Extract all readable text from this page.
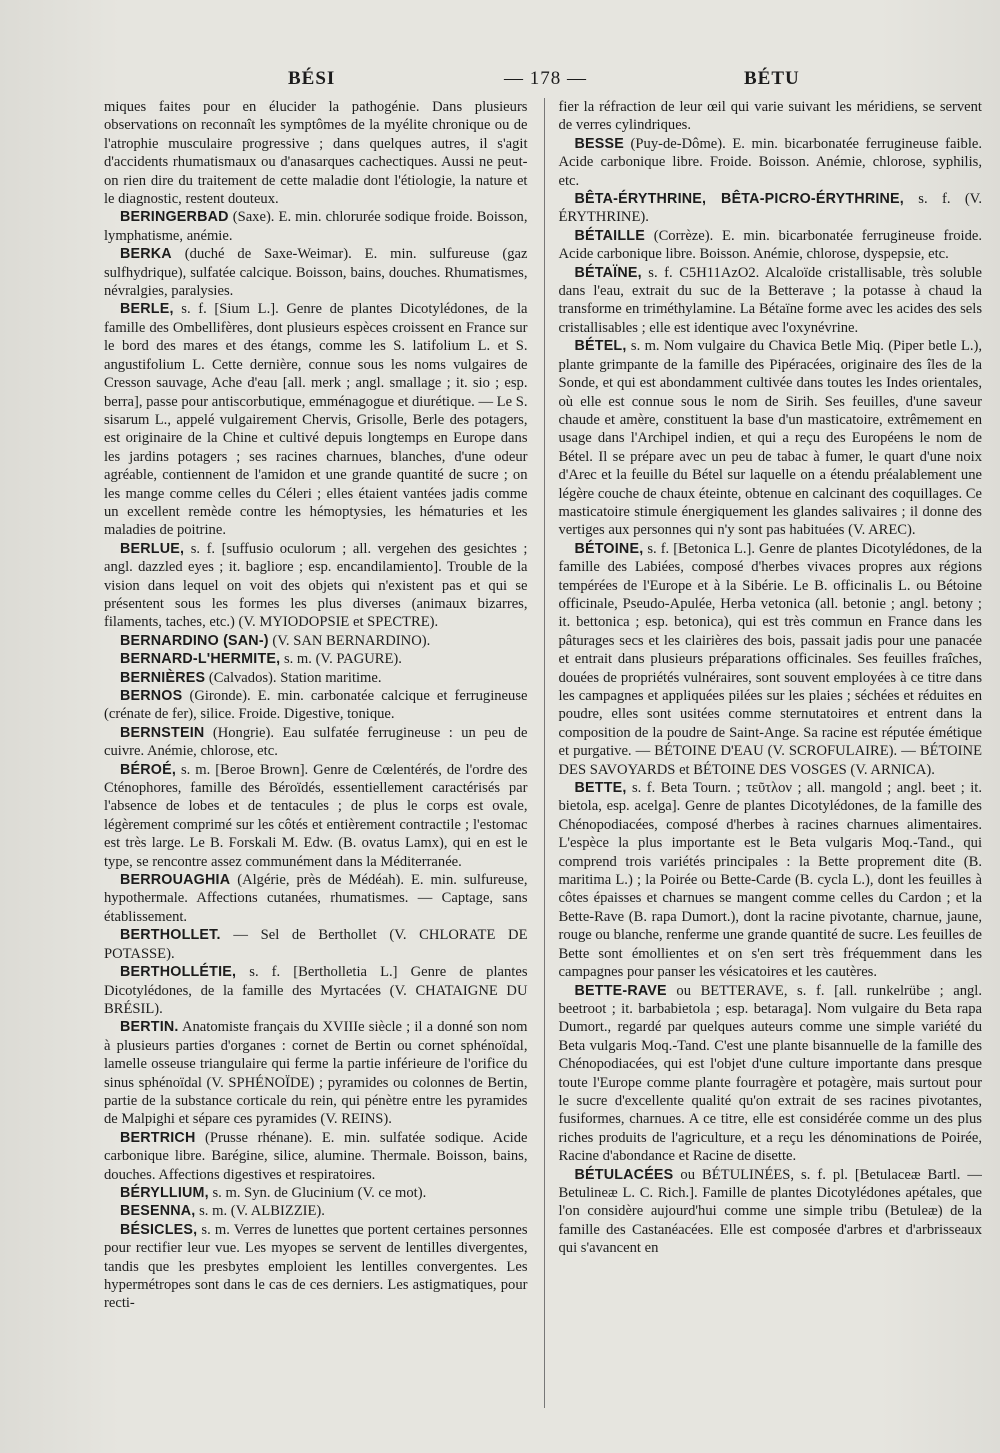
BÉSI	— 178 —	BÉTU

miques faites pour en élucider la pathogénie. Dans plusieurs observations on reconnaît les symptômes de la myélite chronique ou de l'atrophie musculaire progressive ; dans quelques autres, il s'agit d'accidents rhumatismaux ou d'anasarques cachectiques. Aussi ne peut-on rien dire du traitement de cette maladie dont l'étiologie, la nature et le diagnostic, restent douteux.

BERINGERBAD (Saxe). E. min. chlorurée sodique froide. Boisson, lymphatisme, anémie.

BERKA (duché de Saxe-Weimar). E. min. sulfureuse (gaz sulfhydrique), sulfatée calcique. Boisson, bains, douches. Rhumatismes, névralgies, paralysies.

BERLE, s. f. [Sium L.]. Genre de plantes Dicotylédones, de la famille des Ombellifères, dont plusieurs espèces croissent en France sur le bord des mares et des étangs, comme les S. latifolium L. et S. angustifolium L. Cette dernière, connue sous les noms vulgaires de Cresson sauvage, Ache d'eau [all. merk ; angl. smallage ; it. sio ; esp. berra], passe pour antiscorbutique, emménagogue et diurétique. — Le S. sisarum L., appelé vulgairement Chervis, Grisolle, Berle des potagers, est originaire de la Chine et cultivé depuis longtemps en Europe dans les jardins potagers ; ses racines charnues, blanches, d'une odeur agréable, contiennent de l'amidon et une grande quantité de sucre ; on les mange comme celles du Céleri ; elles étaient vantées jadis comme un excellent remède contre les hémoptysies, les hématuries et les maladies de poitrine.

BERLUE, s. f. [suffusio oculorum ; all. vergehen des gesichtes ; angl. dazzled eyes ; it. bagliore ; esp. encandilamiento]. Trouble de la vision dans lequel on voit des objets qui n'existent pas et qui se présentent sous les formes les plus diverses (animaux bizarres, filaments, taches, etc.) (V. MYIODOPSIE et SPECTRE).

BERNARDINO (SAN-) (V. SAN BERNARDINO).

BERNARD-L'HERMITE, s. m. (V. PAGURE).

BERNIÈRES (Calvados). Station maritime.

BERNOS (Gironde). E. min. carbonatée calcique et ferrugineuse (crénate de fer), silice. Froide. Digestive, tonique.

BERNSTEIN (Hongrie). Eau sulfatée ferrugineuse : un peu de cuivre. Anémie, chlorose, etc.

BÉROÉ, s. m. [Beroe Brown]. Genre de Cœlentérés, de l'ordre des Cténophores, famille des Béroïdés, essentiellement caractérisés par l'absence de lobes et de tentacules ; de plus le corps est ovale, légèrement comprimé sur les côtés et entièrement contractile ; l'estomac est très large. Le B. Forskali M. Edw. (B. ovatus Lamx), qui en est le type, se rencontre assez communément dans la Méditerranée.

BERROUAGHIA (Algérie, près de Médéah). E. min. sulfureuse, hypothermale. Affections cutanées, rhumatismes. — Captage, sans établissement.

BERTHOLLET. — Sel de Berthollet (V. CHLORATE DE POTASSE).

BERTHOLLÉTIE, s. f. [Bertholletia L.] Genre de plantes Dicotylédones, de la famille des Myrtacées (V. CHATAIGNE DU BRÉSIL).

BERTIN. Anatomiste français du XVIIIe siècle ; il a donné son nom à plusieurs parties d'organes : cornet de Bertin ou cornet sphénoïdal, lamelle osseuse triangulaire qui ferme la partie inférieure de l'orifice du sinus sphénoïdal (V. SPHÉNOÏDE) ; pyramides ou colonnes de Bertin, partie de la substance corticale du rein, qui pénètre entre les pyramides de Malpighi et sépare ces pyramides (V. REINS).

BERTRICH (Prusse rhénane). E. min. sulfatée sodique. Acide carbonique libre. Barégine, silice, alumine. Thermale. Boisson, bains, douches. Affections digestives et respiratoires.

BÉRYLLIUM, s. m. Syn. de Glucinium (V. ce mot).

BESENNA, s. m. (V. ALBIZZIE).

BÉSICLES, s. m. Verres de lunettes que portent certaines personnes pour rectifier leur vue. Les myopes se servent de lentilles divergentes, tandis que les presbytes emploient les lentilles convergentes. Les hypermétropes sont dans le cas de ces derniers. Les astigmatiques, pour recti-

fier la réfraction de leur œil qui varie suivant les méridiens, se servent de verres cylindriques.

BESSE (Puy-de-Dôme). E. min. bicarbonatée ferrugineuse faible. Acide carbonique libre. Froide. Boisson. Anémie, chlorose, syphilis, etc.

BÊTA-ÉRYTHRINE, BÊTA-PICRO-ÉRYTHRINE, s. f. (V. ÉRYTHRINE).

BÉTAILLE (Corrèze). E. min. bicarbonatée ferrugineuse froide. Acide carbonique libre. Boisson. Anémie, chlorose, dyspepsie, etc.

BÉTAÏNE, s. f. C5H11AzO2. Alcaloïde cristallisable, très soluble dans l'eau, extrait du suc de la Betterave ; la potasse à chaud la transforme en triméthylamine. La Bétaïne forme avec les acides des sels cristallisables ; elle est identique avec l'oxynévrine.

BÉTEL, s. m. Nom vulgaire du Chavica Betle Miq. (Piper betle L.), plante grimpante de la famille des Pipéracées, originaire des îles de la Sonde, et qui est abondamment cultivée dans toutes les Indes orientales, où elle est connue sous le nom de Sirih. Ses feuilles, d'une saveur chaude et amère, constituent la base d'un masticatoire, extrêmement en usage dans l'Archipel indien, et qui a reçu des Européens le nom de Bétel. Il se prépare avec un peu de tabac à fumer, le quart d'une noix d'Arec et la feuille du Bétel sur laquelle on a étendu préalablement une légère couche de chaux éteinte, obtenue en calcinant des coquillages. Ce masticatoire stimule énergiquement les glandes salivaires ; il donne des vertiges aux personnes qui n'y sont pas habituées (V. AREC).

BÉTOINE, s. f. [Betonica L.]. Genre de plantes Dicotylédones, de la famille des Labiées, composé d'herbes vivaces propres aux régions tempérées de l'Europe et à la Sibérie. Le B. officinalis L. ou Bétoine officinale, Pseudo-Apulée, Herba vetonica (all. betonie ; angl. betony ; it. bettonica ; esp. betonica), qui est très commun en France dans les pâturages secs et les clairières des bois, passait jadis pour une panacée et entrait dans plusieurs préparations officinales. Ses feuilles fraîches, douées de propriétés vulnéraires, sont souvent employées à ce titre dans les campagnes et appliquées pilées sur les plaies ; séchées et réduites en poudre, elles sont usitées comme sternutatoires et entrent dans la composition de la poudre de Saint-Ange. Sa racine est réputée émétique et purgative. — BÉTOINE D'EAU (V. SCROFULAIRE). — BÉTOINE DES SAVOYARDS et BÉTOINE DES VOSGES (V. ARNICA).

BETTE, s. f. Beta Tourn. ; τεῦτλον ; all. mangold ; angl. beet ; it. bietola, esp. acelga]. Genre de plantes Dicotylédones, de la famille des Chénopodiacées, composé d'herbes à racines charnues alimentaires. L'espèce la plus importante est le Beta vulgaris Moq.-Tand., qui comprend trois variétés principales : la Bette proprement dite (B. maritima L.) ; la Poirée ou Bette-Carde (B. cycla L.), dont les feuilles à côtes épaisses et charnues se mangent comme celles du Cardon ; et la Bette-Rave (B. rapa Dumort.), dont la racine pivotante, charnue, jaune, rouge ou blanche, renferme une grande quantité de sucre. Les feuilles de Bette sont émollientes et on s'en sert très fréquemment dans les campagnes pour panser les vésicatoires et les cautères.

BETTE-RAVE ou BETTERAVE, s. f. [all. runkelrübe ; angl. beetroot ; it. barbabietola ; esp. betaraga]. Nom vulgaire du Beta rapa Dumort., regardé par quelques auteurs comme une simple variété du Beta vulgaris Moq.-Tand. C'est une plante bisannuelle de la famille des Chénopodiacées, qui est l'objet d'une culture importante dans presque toute l'Europe comme plante fourragère et potagère, mais surtout pour le sucre d'excellente qualité qu'on extrait de ses racines pivotantes, fusiformes, charnues. A ce titre, elle est considérée comme un des plus riches produits de l'agriculture, et a reçu les dénominations de Poirée, Racine d'abondance et Racine de disette.

BÉTULACÉES ou BÉTULINÉES, s. f. pl. [Betulaceæ Bartl. — Betulineæ L. C. Rich.]. Famille de plantes Dicotylédones apétales, que l'on considère aujourd'hui comme une simple tribu (Betuleæ) de la famille des Castanéacées. Elle est composée d'arbres et d'arbrisseaux qui s'avancent en
